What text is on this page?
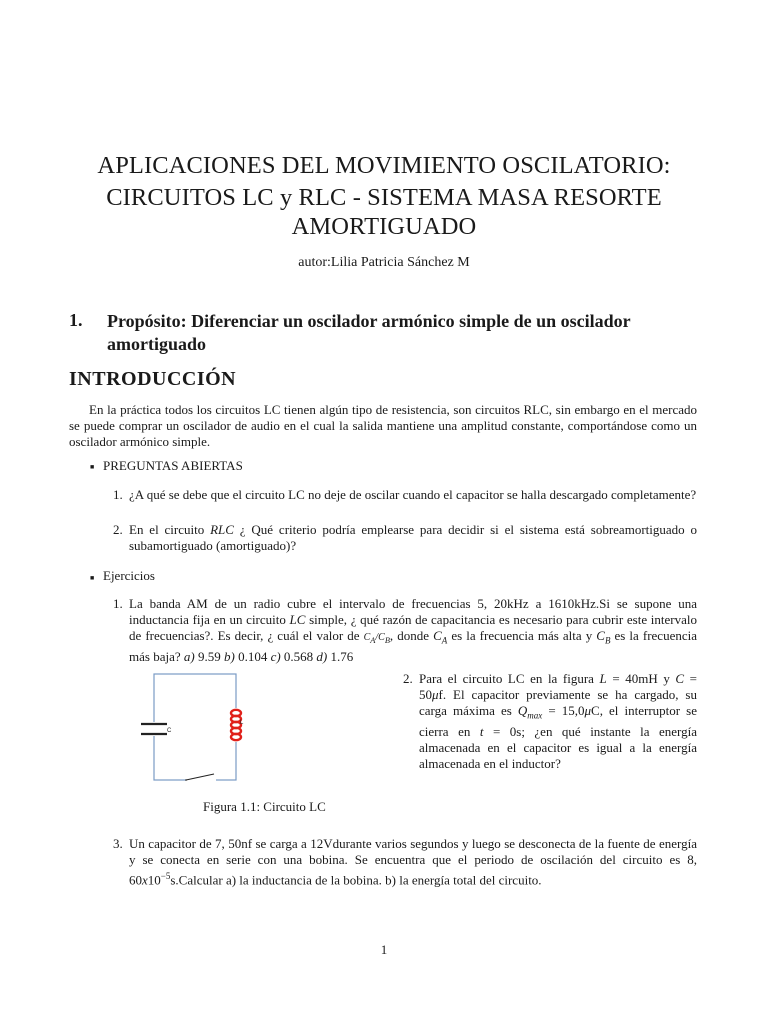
APLICACIONES DEL MOVIMIENTO OSCILATORIO:
CIRCUITOS LC y RLC - SISTEMA MASA RESORTE
AMORTIGUADO
autor:Lilia Patricia Sánchez M
1. Propósito: Diferenciar un oscilador armónico simple de un oscilador amortiguado
INTRODUCCIÓN
En la práctica todos los circuitos LC tienen algún tipo de resistencia, son circuitos RLC, sin embargo en el mercado se puede comprar un oscilador de audio en el cual la salida mantiene una amplitud constante, comportándose como un oscilador armónico simple.
■ PREGUNTAS ABIERTAS
1. ¿A qué se debe que el circuito LC no deje de oscilar cuando el capacitor se halla descargado completamente?
2. En el circuito RLC ¿ Qué criterio podría emplearse para decidir si el sistema está sobreamortiguado o subamortiguado (amortiguado)?
■ Ejercicios
1. La banda AM de un radio cubre el intervalo de frecuencias 5, 20kHz a 1610kHz.Si se supone una inductancia fija en un circuito LC simple, ¿ qué razón de capacitancia es necesario para cubrir este intervalo de frecuencias?. Es decir, ¿ cuál el valor de $C_A/C_B$, donde $C_A$ es la frecuencia más alta y $C_B$ es la frecuencia más baja? a) 9.59 b) 0.104 c) 0.568 d) 1.76
C
L
2. Para el circuito LC en la figura L = 40mH y C = 50μf. El capacitor previamente se ha cargado, su carga máxima es $Q_{max} = 15,0\mu C$, el interruptor se cierra en t = 0s; ¿en qué instante la energía almacenada en el capacitor es igual a la energía almacenada en el inductor?
Figura 1.1: Circuito LC
3. Un capacitor de 7, 50nf se carga a 12Vdurante varios segundos y luego se desconecta de la fuente de energía y se conecta en serie con una bobina. Se encuentra que el periodo de oscilación del circuito es 8, $60x10^{-5}s.Calcular$ a) la inductancia de la bobina. b) la energía total del circuito.
1
